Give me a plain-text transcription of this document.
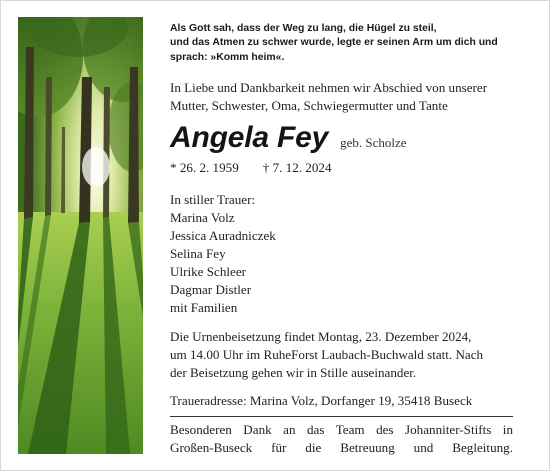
Als Gott sah, dass der Weg zu lang, die Hügel zu steil,
und das Atmen zu schwer wurde, legte er seinen Arm um dich und
sprach: »Komm heim«.
In Liebe und Dankbarkeit nehmen wir Abschied von unserer
Mutter, Schwester, Oma, Schwiegermutter und Tante
Angela Fey geb. Scholze
* 26. 2. 1959 † 7. 12. 2024
In stiller Trauer:
Marina Volz
Jessica Auradniczek
Selina Fey
Ulrike Schleer
Dagmar Distler
mit Familien
Die Urnenbeisetzung findet Montag, 23. Dezember 2024,
um 14.00 Uhr im RuheForst Laubach-Buchwald statt. Nach
der Beisetzung gehen wir in Stille auseinander.
Traueradresse: Marina Volz, Dorfanger 19, 35418 Buseck
Besonderen Dank an das Team des Johanniter-Stifts in
Großen-Buseck für die Betreuung und Begleitung.
